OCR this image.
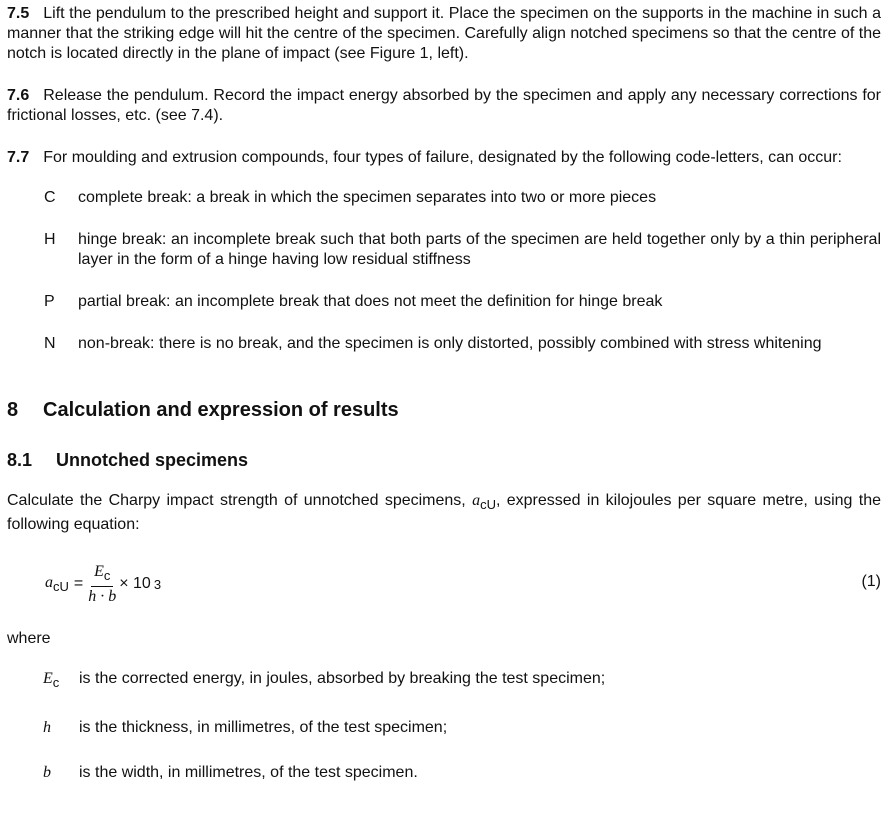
7.5 Lift the pendulum to the prescribed height and support it. Place the specimen on the supports in the machine in such a manner that the striking edge will hit the centre of the specimen. Carefully align notched specimens so that the centre of the notch is located directly in the plane of impact (see Figure 1, left).

7.6 Release the pendulum. Record the impact energy absorbed by the specimen and apply any necessary corrections for frictional losses, etc. (see 7.4).

7.7 For moulding and extrusion compounds, four types of failure, designated by the following code-letters, can occur:

C	complete break: a break in which the specimen separates into two or more pieces
H	hinge break: an incomplete break such that both parts of the specimen are held together only by a thin peripheral layer in the form of a hinge having low residual stiffness
P	partial break: an incomplete break that does not meet the definition for hinge break
N	non-break: there is no break, and the specimen is only distorted, possibly combined with stress whitening
8 Calculation and expression of results
8.1 Unnotched specimens

Calculate the Charpy impact strength of unnotched specimens, $a_{cU}$, expressed in kilojoules per square metre, using the following equation:

$a_{cU} = \frac{E_c}{h \cdot b} \times 10$ 3	(1)

where

$E_c$	is the corrected energy, in joules, absorbed by breaking the test specimen;
h	is the thickness, in millimetres, of the test specimen;
b	is the width, in millimetres, of the test specimen.
